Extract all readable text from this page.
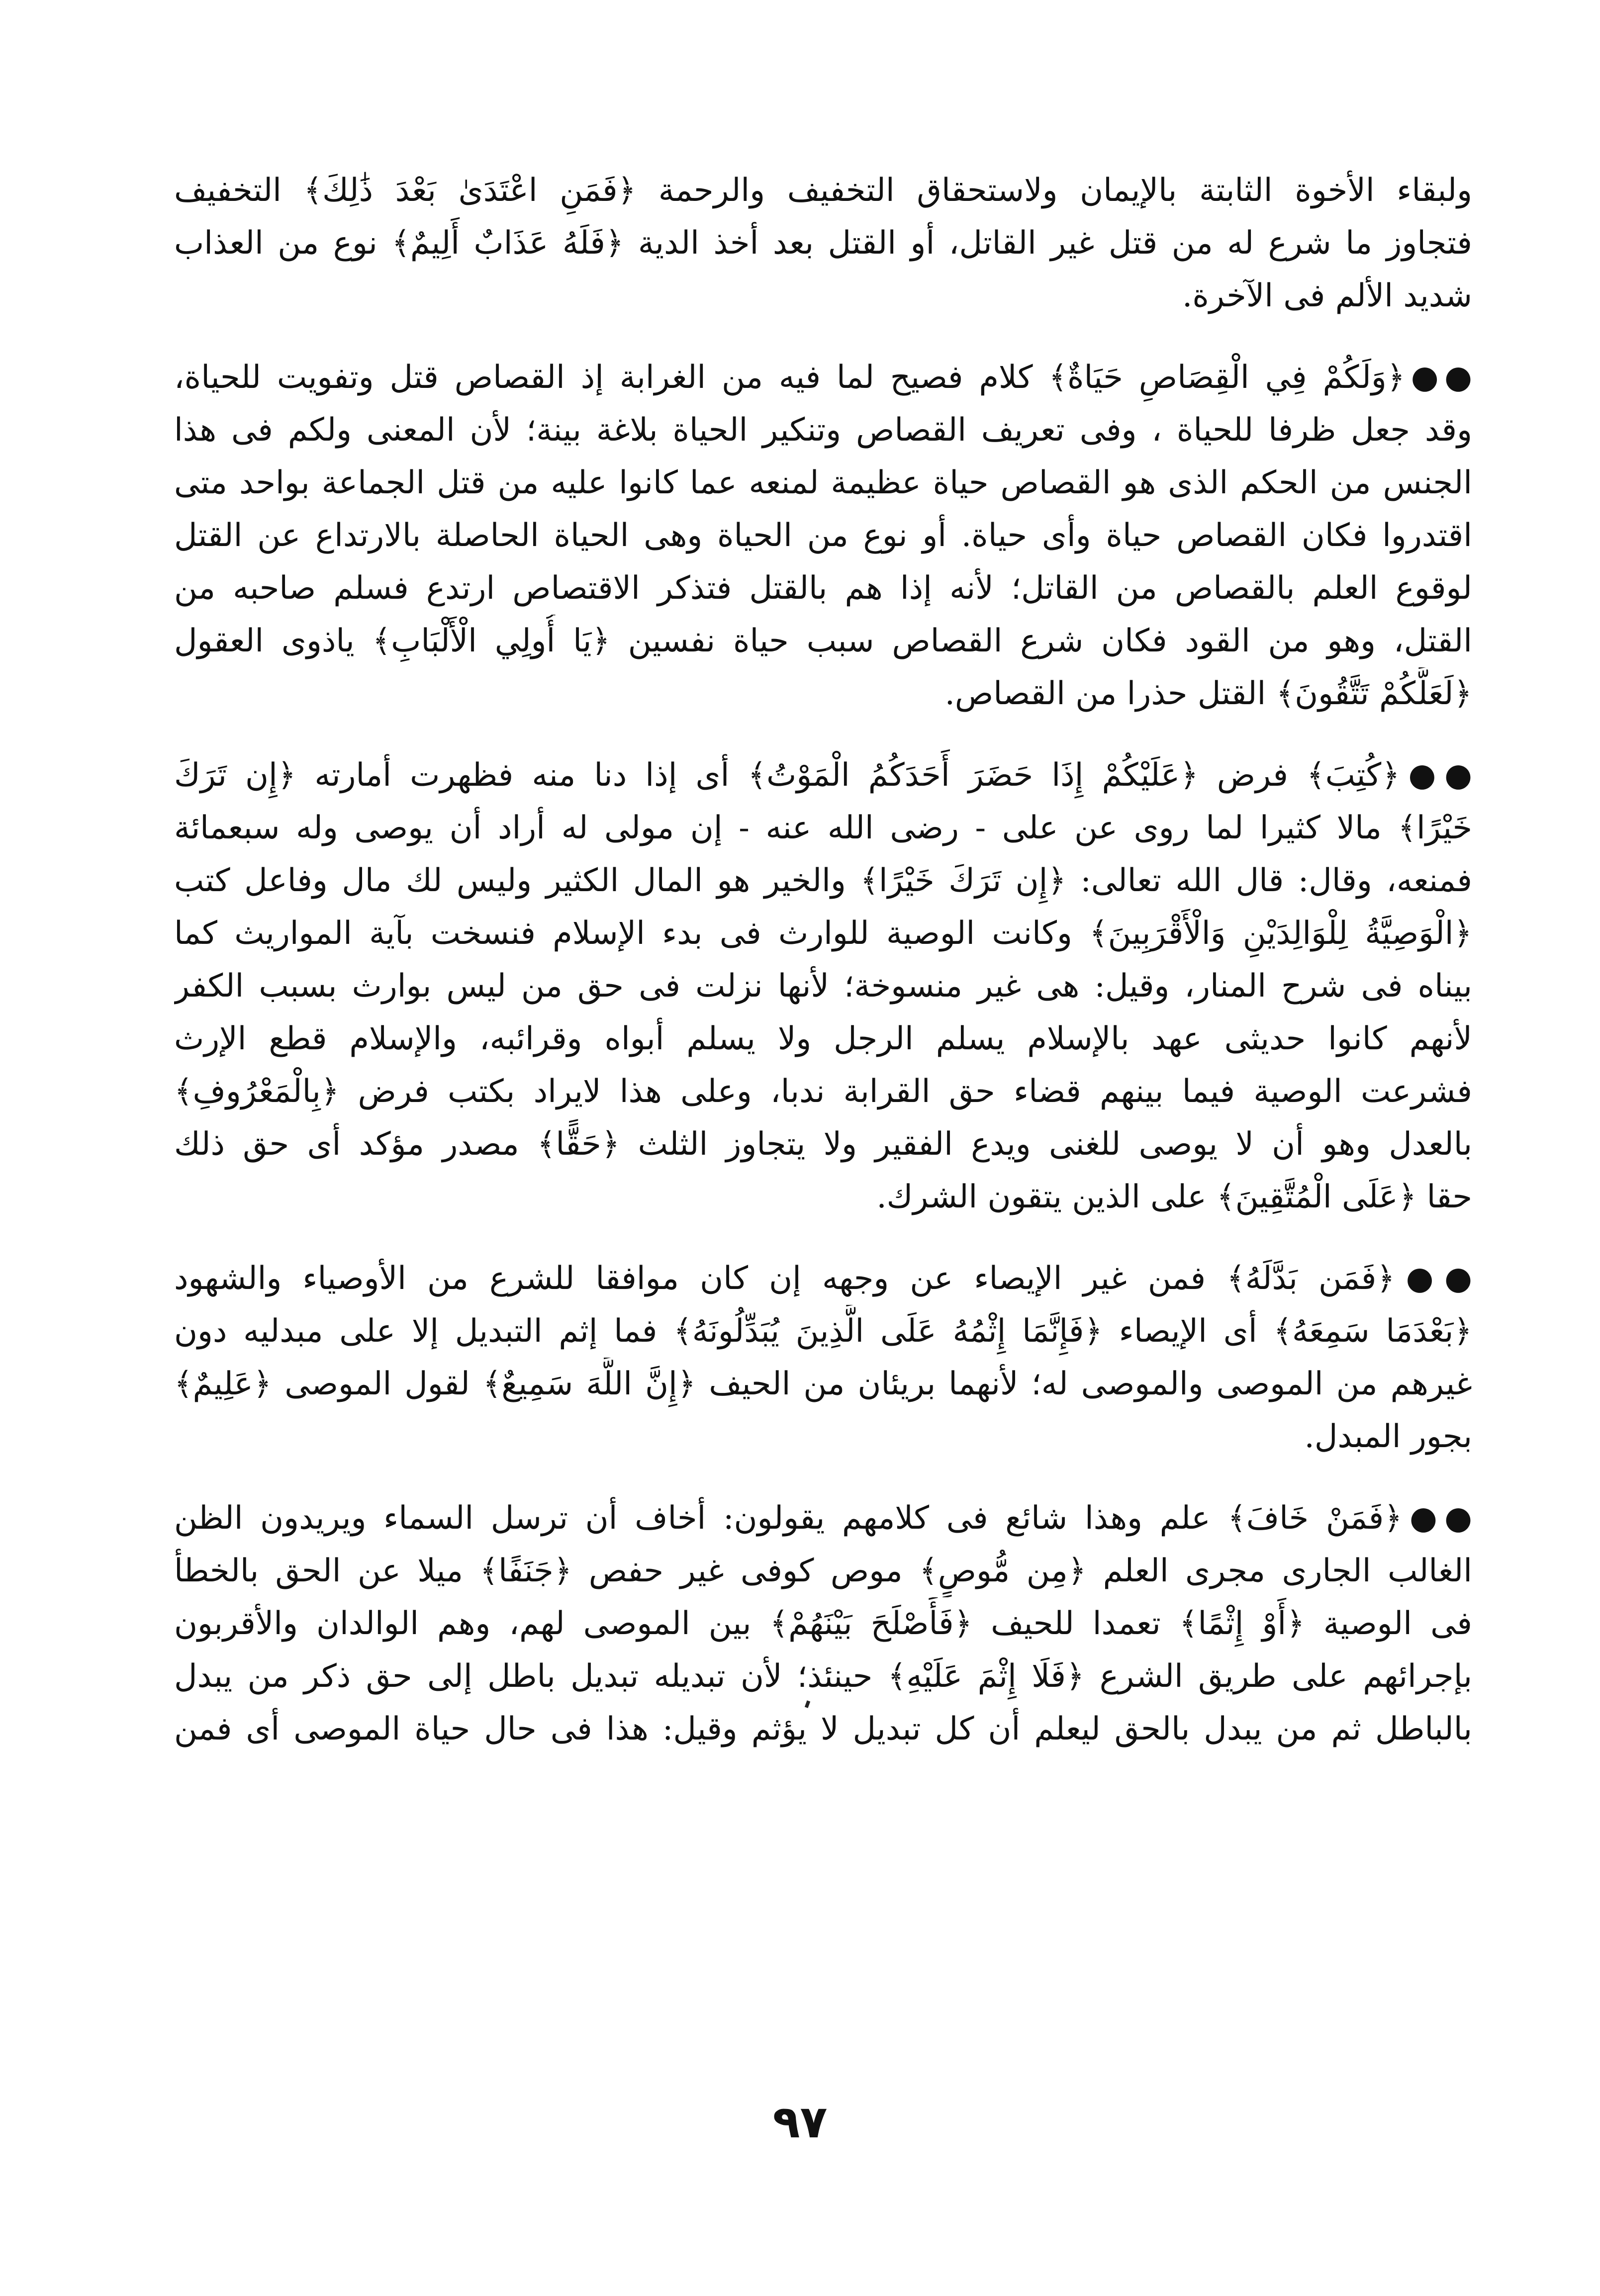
ولبقاء الأخوة الثابتة بالإيمان ولاستحقاق التخفيف والرحمة ﴿فَمَنِ اعْتَدَىٰ بَعْدَ ذَٰلِكَ﴾ التخفيف
فتجاوز ما شرع له من قتل غير القاتل، أو القتل بعد أخذ الدية ﴿فَلَهُ عَذَابٌ أَلِيمٌ﴾ نوع من العذاب
شديد الألم فى الآخرة.

●●﴿وَلَكُمْ فِي الْقِصَاصِ حَيَاةٌ﴾ كلام فصيح لما فيه من الغرابة إذ القصاص قتل وتفويت للحياة،
وقد جعل ظرفا للحياة ، وفى تعريف القصاص وتنكير الحياة بلاغة بينة؛ لأن المعنى ولكم فى هذا
الجنس من الحكم الذى هو القصاص حياة عظيمة لمنعه عما كانوا عليه من قتل الجماعة بواحد متى
اقتدروا فكان القصاص حياة وأى حياة. أو نوع من الحياة وهى الحياة الحاصلة بالارتداع عن القتل
لوقوع العلم بالقصاص من القاتل؛ لأنه إذا هم بالقتل فتذكر الاقتصاص ارتدع فسلم صاحبه من
القتل، وهو من القود فكان شرع القصاص سبب حياة نفسين ﴿يَا أُولِي الْأَلْبَابِ﴾ ياذوى العقول
﴿لَعَلَّكُمْ تَتَّقُونَ﴾ القتل حذرا من القصاص.

●●﴿كُتِبَ﴾ فرض ﴿عَلَيْكُمْ إِذَا حَضَرَ أَحَدَكُمُ الْمَوْتُ﴾ أى إذا دنا منه فظهرت أمارته ﴿إِن تَرَكَ
خَيْرًا﴾ مالا كثيرا لما روى عن على - رضى الله عنه - إن مولى له أراد أن يوصى وله سبعمائة
فمنعه، وقال: قال الله تعالى: ﴿إِن تَرَكَ خَيْرًا﴾ والخير هو المال الكثير وليس لك مال وفاعل كتب
﴿الْوَصِيَّةُ لِلْوَالِدَيْنِ وَالْأَقْرَبِينَ﴾ وكانت الوصية للوارث فى بدء الإسلام فنسخت بآية المواريث كما
بيناه فى شرح المنار، وقيل: هى غير منسوخة؛ لأنها نزلت فى حق من ليس بوارث بسبب الكفر
لأنهم كانوا حديثى عهد بالإسلام يسلم الرجل ولا يسلم أبواه وقرائبه، والإسلام قطع الإرث
فشرعت الوصية فيما بينهم قضاء حق القرابة ندبا، وعلى هذا لايراد بكتب فرض ﴿بِالْمَعْرُوفِ﴾
بالعدل وهو أن لا يوصى للغنى ويدع الفقير ولا يتجاوز الثلث ﴿حَقًّا﴾ مصدر مؤكد أى حق ذلك
حقا ﴿عَلَى الْمُتَّقِينَ﴾ على الذين يتقون الشرك.

●●﴿فَمَن بَدَّلَهُ﴾ فمن غير الإيصاء عن وجهه إن كان موافقا للشرع من الأوصياء والشهود
﴿بَعْدَمَا سَمِعَهُ﴾ أى الإيصاء ﴿فَإِنَّمَا إِثْمُهُ عَلَى الَّذِينَ يُبَدِّلُونَهُ﴾ فما إثم التبديل إلا على مبدليه دون
غيرهم من الموصى والموصى له؛ لأنهما بريئان من الحيف ﴿إِنَّ اللَّهَ سَمِيعٌ﴾ لقول الموصى ﴿عَلِيمٌ﴾
بجور المبدل.

●●﴿فَمَنْ خَافَ﴾ علم وهذا شائع فى كلامهم يقولون: أخاف أن ترسل السماء ويريدون الظن
الغالب الجارى مجرى العلم ﴿مِن مُّوصٍ﴾ موص كوفى غير حفص ﴿جَنَفًا﴾ ميلا عن الحق بالخطأ
فى الوصية ﴿أَوْ إِثْمًا﴾ تعمدا للحيف ﴿فَأَصْلَحَ بَيْنَهُمْ﴾ بين الموصى لهم، وهم الوالدان والأقربون
بإجرائهم على طريق الشرع ﴿فَلَا إِثْمَ عَلَيْهِ﴾ حينئذ؛ لأن تبديله تبديل باطل إلى حق ذكر من يبدل
بالباطل ثم من يبدل بالحق ليعلم أن كل تبديل لا يؤثم وقيل: هذا فى حال حياة الموصى أى فمن

٩٧
